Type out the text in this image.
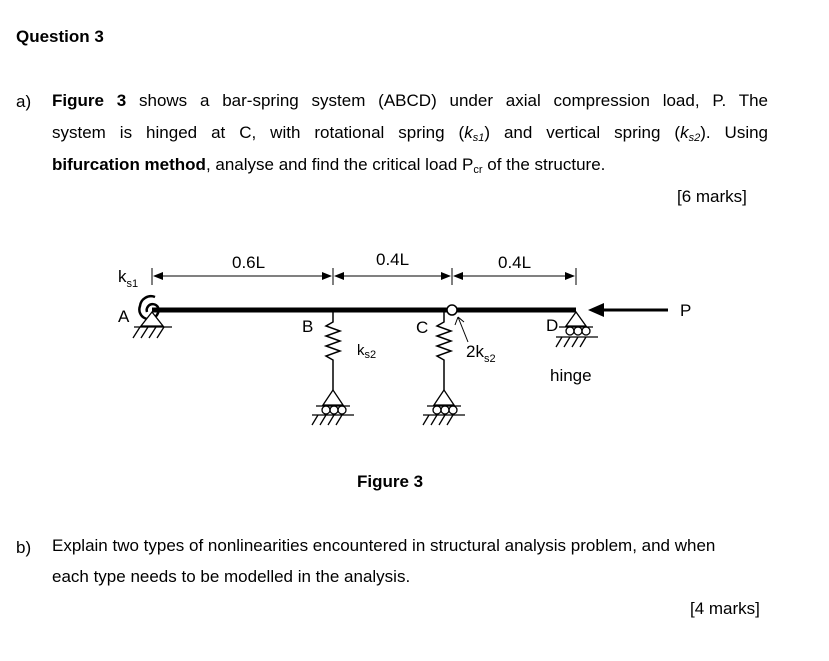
Question 3
a) Figure 3 shows a bar-spring system (ABCD) under axial compression load, P. The
system is hinged at C, with rotational spring $(k_{s1})$ and vertical spring $(k_{s2})$. Using
bifurcation method, analyse and find the critical load $P_{cr}$ of the structure.
[6 marks]
0.6L	0.4L	0.4L
$k_{s1}$
A
B
$k_{s2}$
C
$2k_{s2}$
D
hinge
P
Figure 3
b) Explain two types of nonlinearities encountered in structural analysis problem, and when
each type needs to be modelled in the analysis.
[4 marks]
